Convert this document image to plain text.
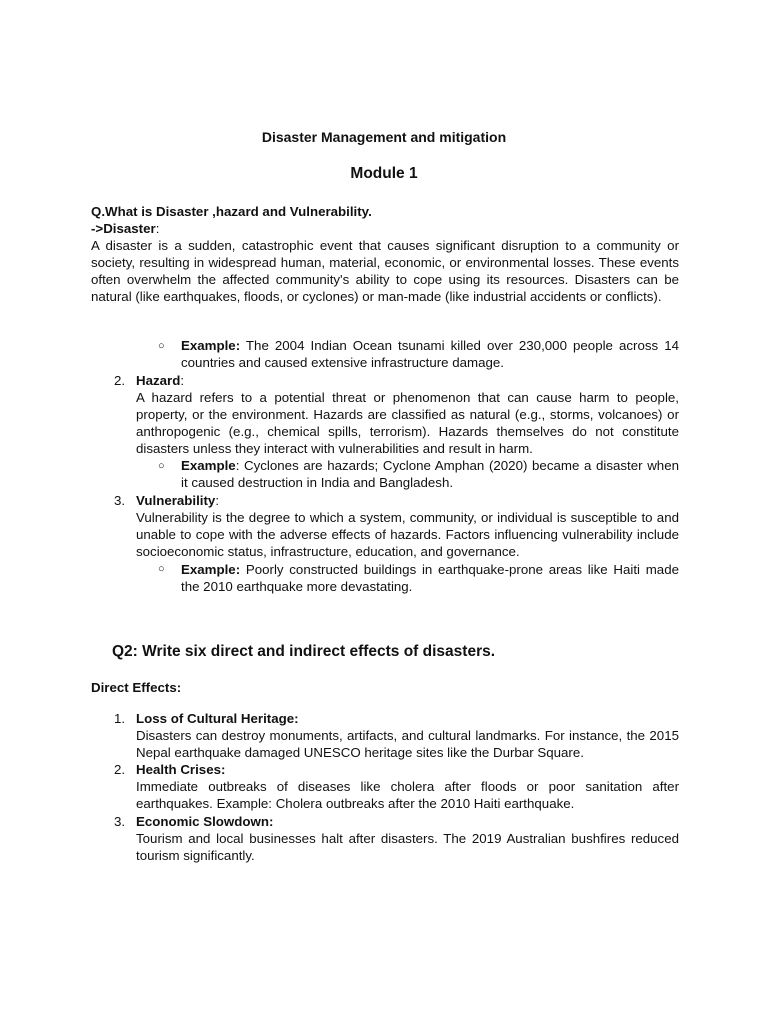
Disaster Management and mitigation
Module 1
Q.What is Disaster ,hazard and Vulnerability.
->Disaster:
A disaster is a sudden, catastrophic event that causes significant disruption to a community or society, resulting in widespread human, material, economic, or environmental losses. These events often overwhelm the affected community's ability to cope using its resources. Disasters can be natural (like earthquakes, floods, or cyclones) or man-made (like industrial accidents or conflicts).
○ Example: The 2004 Indian Ocean tsunami killed over 230,000 people across 14 countries and caused extensive infrastructure damage.
2. Hazard:
A hazard refers to a potential threat or phenomenon that can cause harm to people, property, or the environment. Hazards are classified as natural (e.g., storms, volcanoes) or anthropogenic (e.g., chemical spills, terrorism). Hazards themselves do not constitute disasters unless they interact with vulnerabilities and result in harm.
○ Example: Cyclones are hazards; Cyclone Amphan (2020) became a disaster when it caused destruction in India and Bangladesh.
3. Vulnerability:
Vulnerability is the degree to which a system, community, or individual is susceptible to and unable to cope with the adverse effects of hazards. Factors influencing vulnerability include socioeconomic status, infrastructure, education, and governance.
○ Example: Poorly constructed buildings in earthquake-prone areas like Haiti made the 2010 earthquake more devastating.
Q2: Write six direct and indirect effects of disasters.
Direct Effects:
1. Loss of Cultural Heritage:
Disasters can destroy monuments, artifacts, and cultural landmarks. For instance, the 2015 Nepal earthquake damaged UNESCO heritage sites like the Durbar Square.
2. Health Crises:
Immediate outbreaks of diseases like cholera after floods or poor sanitation after earthquakes. Example: Cholera outbreaks after the 2010 Haiti earthquake.
3. Economic Slowdown:
Tourism and local businesses halt after disasters. The 2019 Australian bushfires reduced tourism significantly.
